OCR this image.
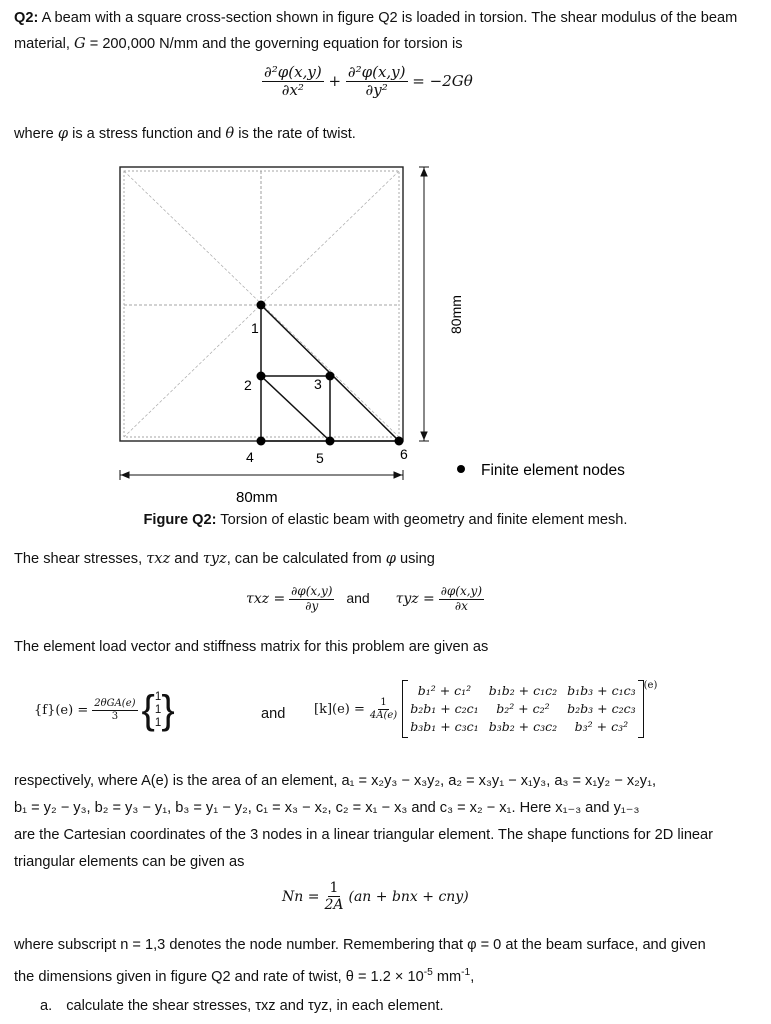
Q2: A beam with a square cross-section shown in figure Q2 is loaded in torsion. The shear modulus of the beam material, G = 200,000 N/mm and the governing equation for torsion is
$\frac{\text{∂²φ(x,y)}}{\text{∂x²}} + \frac{\text{∂²φ(x,y)}}{\text{∂y²}} = -2G\theta$
where φ is a stress function and θ is the rate of twist.
1
2	3
4	5	6
80mm
80mm
Finite element nodes
Figure Q2: Torsion of elastic beam with geometry and finite element mesh.
The shear stresses, τxz and τyz, can be calculated from φ using
$\tau xz = \frac{\partial\varphi(x,y)}{\partial y}$ and $\tau yz = \frac{\partial\varphi(x,y)}{\partial x}$
The element load vector and stiffness matrix for this problem are given as
$\{f\}(e) = \frac{\text{2θGA(e)}}{3}$ { 1
1
1 }	and $[k](e) = \frac{1}{4A(e)}$
b₁² + c₁²	b₁b₂ + c₁c₂	b₁b₃ + c₁c₃
b₂b₁ + c₂c₁	b₂² + c₂²	b₂b₃ + c₂c₃
b₃b₁ + c₃c₁	b₃b₂ + c₃c₂	b₃² + c₃²
(e)
respectively, where A(e) is the area of an element, a₁ = x₂y₃ − x₃y₂, a₂ = x₃y₁ − x₁y₃, a₃ = x₁y₂ − x₂y₁,
b₁ = y₂ − y₃, b₂ = y₃ − y₁, b₃ = y₁ − y₂, c₁ = x₃ − x₂, c₂ = x₁ − x₃ and c₃ = x₂ − x₁. Here x₁₋₃ and y₁₋₃
are the Cartesian coordinates of the 3 nodes in a linear triangular element. The shape functions for 2D linear
triangular elements can be given as
$Nn = \frac{1}{2A} (an$ + bnx + cny)
where subscript n = 1,3 denotes the node number. Remembering that φ = 0 at the beam surface, and given
the dimensions given in figure Q2 and rate of twist, $\theta = 1.2 \times 10^{-5}$ $mm^{-1}$,
a. calculate the shear stresses, τxz and τyz, in each element.
